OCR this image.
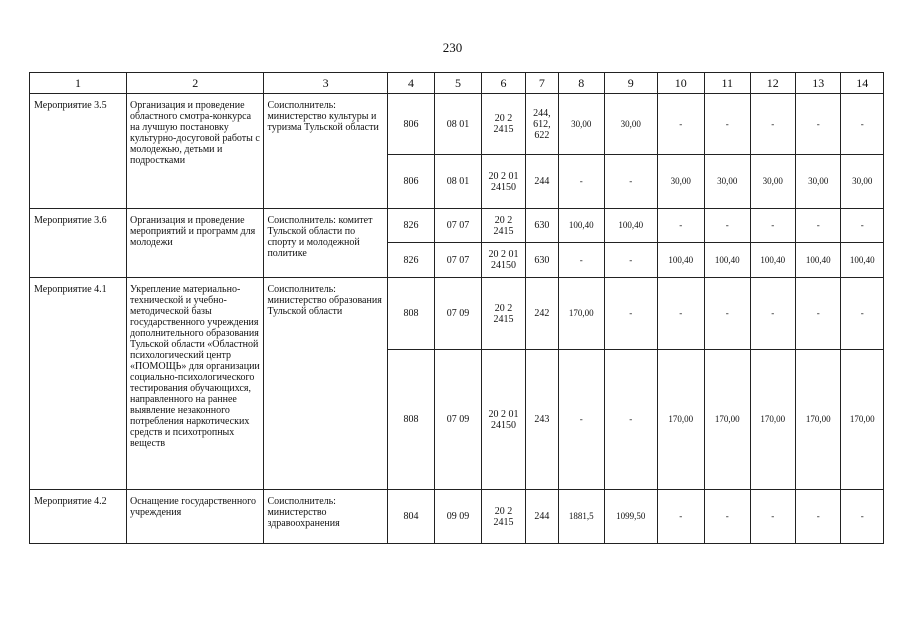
230
1	2	3	4	5	6	7	8	9	10	11	12	13	14
Мероприятие 3.5	Организация и проведение областного смотра-конкурса на лучшую постановку культурно-досуговой работы с молодежью, детьми и подростками	Соисполнитель: министерство культуры и туризма Тульской области	806	08 01	20 2 2415	244, 612, 622	30,00	30,00	-	-	-	-	-
			806	08 01	20 2 01 24150	244	-	-	30,00	30,00	30,00	30,00	30,00
Мероприятие 3.6	Организация и проведение мероприятий и программ для молодежи	Соисполнитель: комитет Тульской области по спорту и молодежной политике	826	07 07	20 2 2415	630	100,40	100,40	-	-	-	-	-
			826	07 07	20 2 01 24150	630	-	-	100,40	100,40	100,40	100,40	100,40
Мероприятие 4.1	Укрепление материально-технической и учебно-методической базы государственного учреждения дополнительного образования Тульской области «Областной психологический центр «ПОМОЩЬ» для организации социально-психологического тестирования обучающихся, направленного на раннее выявление незаконного потребления наркотических средств и психотропных веществ	Соисполнитель: министерство образования Тульской области	808	07 09	20 2 2415	242	170,00	-	-	-	-	-	-
			808	07 09	20 2 01 24150	243	-	-	170,00	170,00	170,00	170,00	170,00
Мероприятие 4.2	Оснащение государственного учреждения	Соисполнитель: министерство здравоохранения	804	09 09	20 2 2415	244	1881,5	1099,50	-	-	-	-	-
